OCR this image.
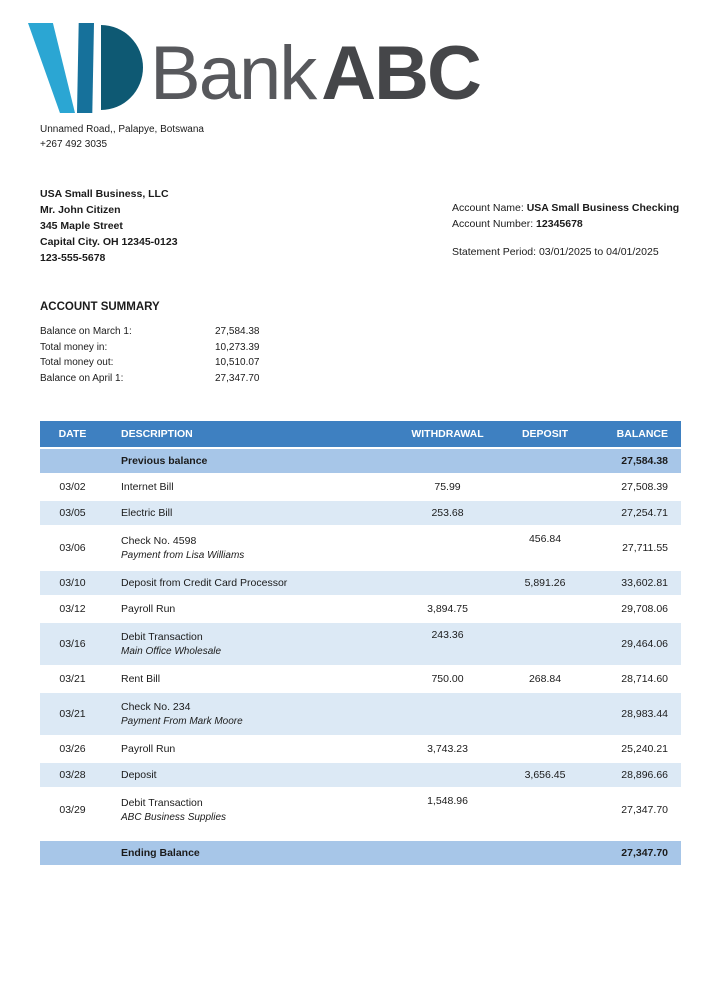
BankABC
Unnamed Road,, Palapye, Botswana
+267 492 3035
USA Small Business, LLC
Mr. John Citizen
345 Maple Street
Capital City. OH 12345-0123
123-555-5678
Account Name: USA Small Business Checking
Account Number: 12345678
Statement Period: 03/01/2025 to 04/01/2025
ACCOUNT SUMMARY
Balance on March 1:	27,584.38
Total money in:	10,273.39
Total money out:	10,510.07
Balance on April 1:	27,347.70
DATE	DESCRIPTION	WITHDRAWAL	DEPOSIT	BALANCE
	Previous balance			27,584.38
03/02	Internet Bill	75.99		27,508.39
03/05	Electric Bill	253.68		27,254.71
03/06	Check No. 4598
Payment from Lisa Williams		456.84	27,711.55
03/10	Deposit from Credit Card Processor		5,891.26	33,602.81
03/12	Payroll Run	3,894.75		29,708.06
03/16	Debit Transaction
Main Office Wholesale	243.36		29,464.06
03/21	Rent Bill	750.00	268.84	28,714.60
03/21	Check No. 234
Payment From Mark Moore			28,983.44
03/26	Payroll Run	3,743.23		25,240.21
03/28	Deposit		3,656.45	28,896.66
03/29	Debit Transaction
ABC Business Supplies	1,548.96		27,347.70

	Ending Balance			27,347.70
